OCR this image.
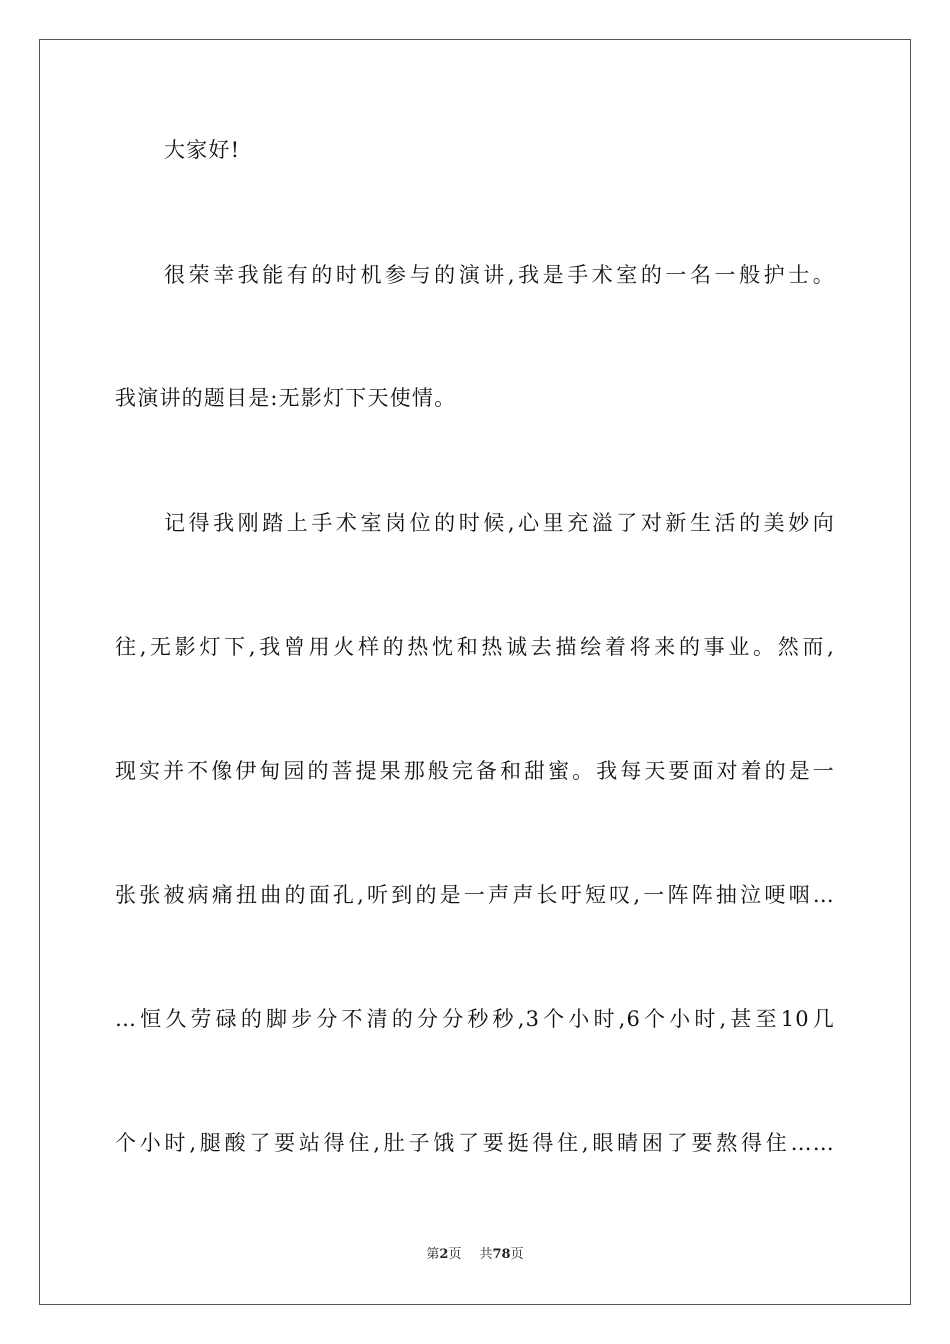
大家好!
很荣幸我能有的时机参与的演讲,我是手术室的一名一般护士。
我演讲的题目是:无影灯下天使情。
记得我刚踏上手术室岗位的时候,心里充溢了对新生活的美妙向
往,无影灯下,我曾用火样的热忱和热诚去描绘着将来的事业。然而,
现实并不像伊甸园的菩提果那般完备和甜蜜。我每天要面对着的是一
张张被病痛扭曲的面孔,听到的是一声声长吁短叹,一阵阵抽泣哽咽…
…恒久劳碌的脚步分不清的分分秒秒,3个小时,6个小时,甚至10几
个小时,腿酸了要站得住,肚子饿了要挺得住,眼睛困了要熬得住……
第2页 共78页
